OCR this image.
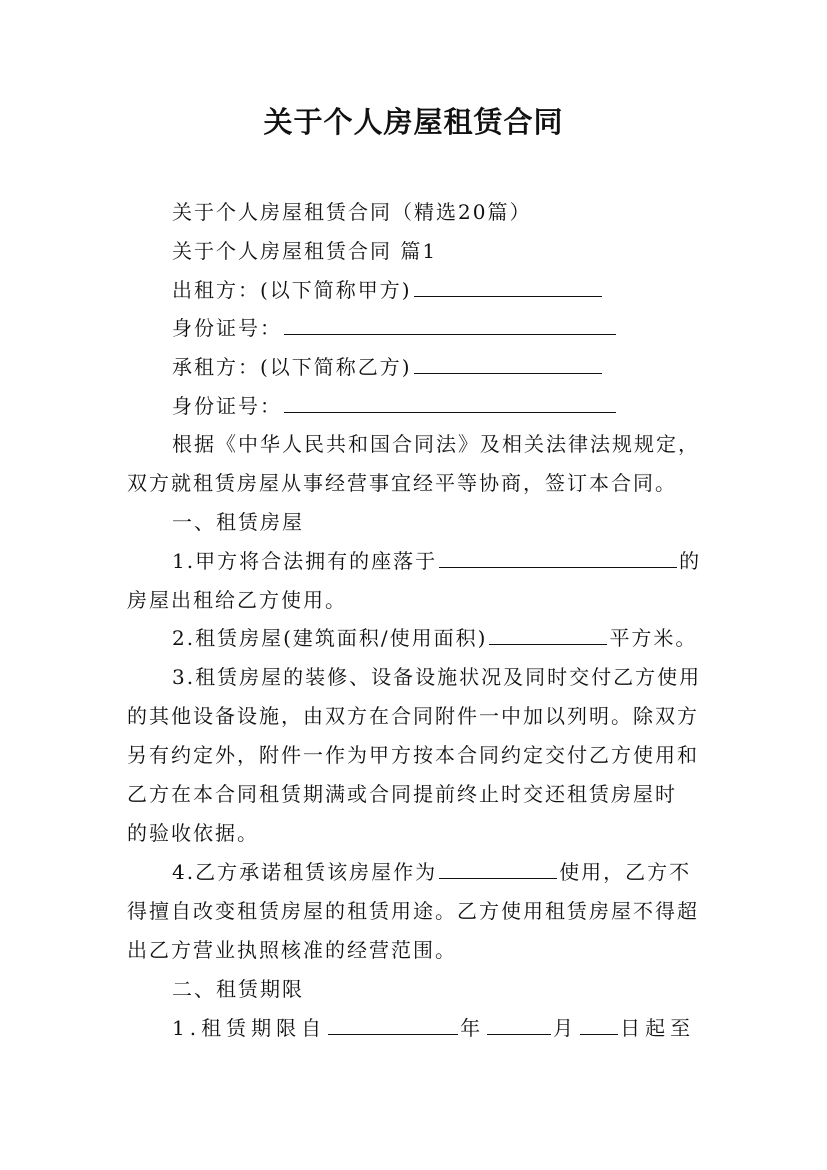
关于个人房屋租赁合同
关于个人房屋租赁合同（精选20篇）
关于个人房屋租赁合同 篇1
出租方：(以下简称甲方)
身份证号：
承租方：(以下简称乙方)
身份证号：
根据《中华人民共和国合同法》及相关法律法规规定，
双方就租赁房屋从事经营事宜经平等协商，签订本合同。
一、租赁房屋
1.甲方将合法拥有的座落于	的
房屋出租给乙方使用。
2.租赁房屋(建筑面积/使用面积)	平方米。
3.租赁房屋的装修、设备设施状况及同时交付乙方使用
的其他设备设施，由双方在合同附件一中加以列明。除双方
另有约定外，附件一作为甲方按本合同约定交付乙方使用和
乙方在本合同租赁期满或合同提前终止时交还租赁房屋时
的验收依据。
4.乙方承诺租赁该房屋作为	使用，乙方不
得擅自改变租赁房屋的租赁用途。乙方使用租赁房屋不得超
出乙方营业执照核准的经营范围。
二、租赁期限
1.租赁期限自	年	月 日起至
